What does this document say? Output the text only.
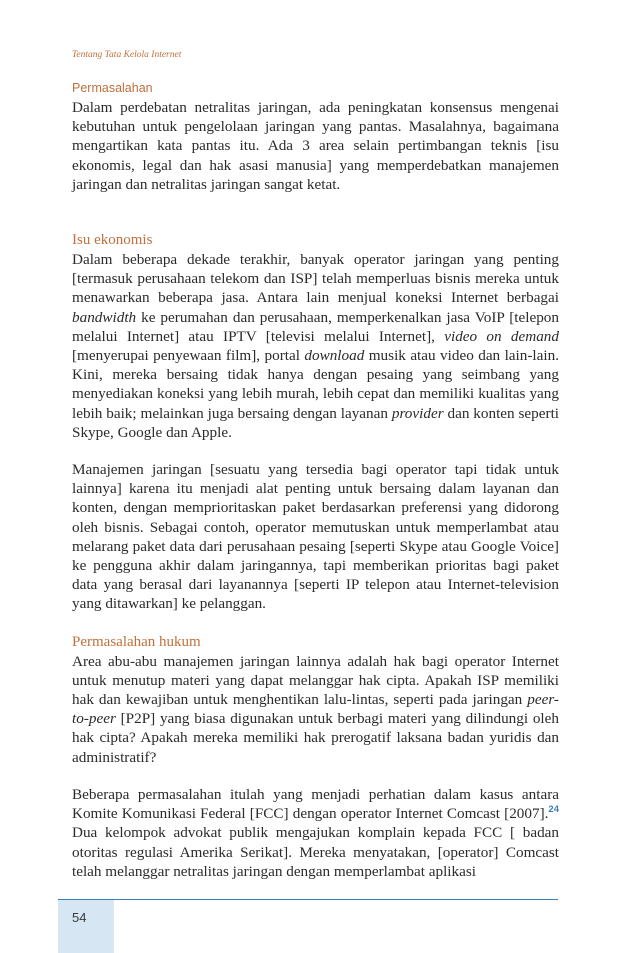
Tentang Tata Kelola Internet
Permasalahan

Dalam perdebatan netralitas jaringan, ada peningkatan konsensus mengenai kebutuhan untuk pengelolaan jaringan yang pantas. Masalahnya, bagaimana mengartikan kata pantas itu. Ada 3 area selain pertimbangan teknis [isu ekonomis, legal dan hak asasi manusia] yang memperdebatkan manajemen jaringan dan netralitas jaringan sangat ketat.

Isu ekonomis

Dalam beberapa dekade terakhir, banyak operator jaringan yang penting [termasuk perusahaan telekom dan ISP] telah memperluas bisnis mereka untuk menawarkan beberapa jasa. Antara lain menjual koneksi Internet berbagai bandwidth ke perumahan dan perusahaan, memperkenalkan jasa VoIP [telepon melalui Internet] atau IPTV [televisi melalui Internet], video on demand [menyerupai penyewaan film], portal download musik atau video dan lain-lain. Kini, mereka bersaing tidak hanya dengan pesaing yang seimbang yang menyediakan koneksi yang lebih murah, lebih cepat dan memiliki kualitas yang lebih baik; melainkan juga bersaing dengan layanan provider dan konten seperti Skype, Google dan Apple.

Manajemen jaringan [sesuatu yang tersedia bagi operator tapi tidak untuk lainnya] karena itu menjadi alat penting untuk bersaing dalam layanan dan konten, dengan memprioritaskan paket berdasarkan preferensi yang didorong oleh bisnis. Sebagai contoh, operator memutuskan untuk memperlambat atau melarang paket data dari perusahaan pesaing [seperti Skype atau Google Voice] ke pengguna akhir dalam jaringannya, tapi memberikan prioritas bagi paket data yang berasal dari layanannya [seperti IP telepon atau Internet-television yang ditawarkan] ke pelanggan.

Permasalahan hukum

Area abu-abu manajemen jaringan lainnya adalah hak bagi operator Internet untuk menutup materi yang dapat melanggar hak cipta. Apakah ISP memiliki hak dan kewajiban untuk menghentikan lalu-lintas, seperti pada jaringan peer-to-peer [P2P] yang biasa digunakan untuk berbagi materi yang dilindungi oleh hak cipta? Apakah mereka memiliki hak prerogatif laksana badan yuridis dan administratif?

Beberapa permasalahan itulah yang menjadi perhatian dalam kasus antara Komite Komunikasi Federal [FCC] dengan operator Internet Comcast [2007].$^{24}$ Dua kelompok advokat publik mengajukan komplain kepada FCC [ badan otoritas regulasi Amerika Serikat]. Mereka menyatakan, [operator] Comcast telah melanggar netralitas jaringan dengan memperlambat aplikasi

54
